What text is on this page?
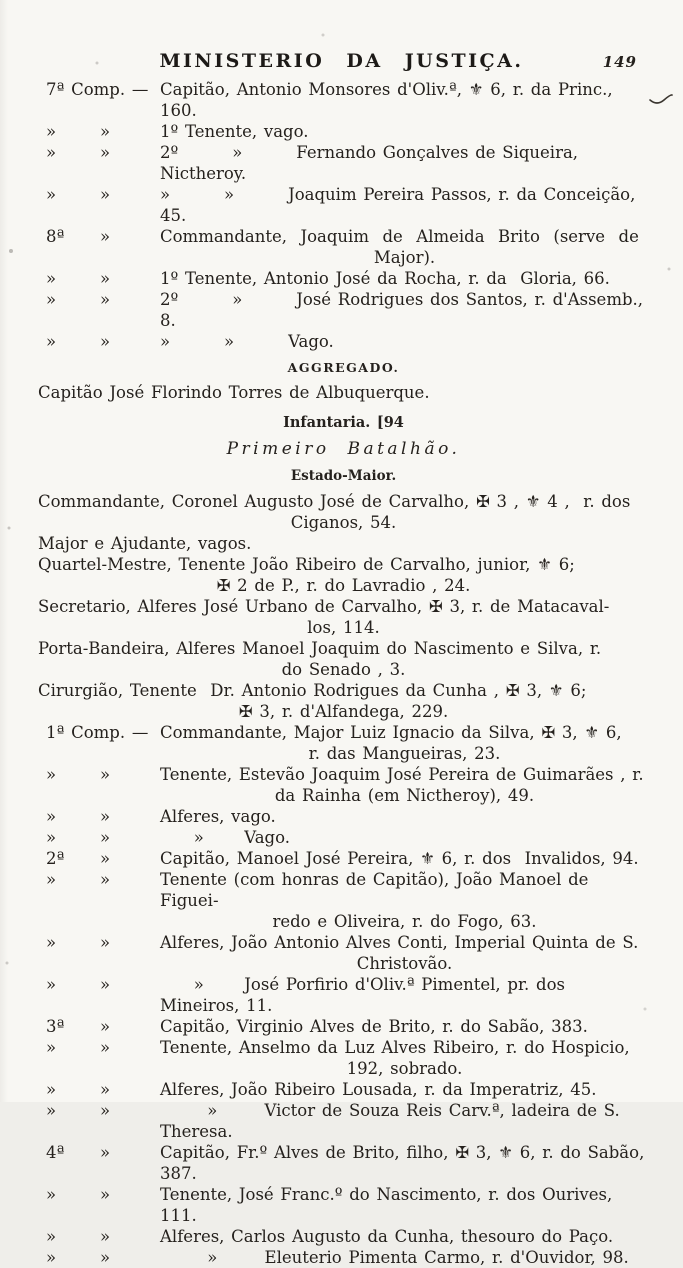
MINISTERIO DA JUSTIÇA.	149
7ª Comp. — Capitão, Antonio Monsores d'Oliv.ª, ⚜ 6, r. da Princ., 160.
»	»	1º Tenente, vago.
»	»	2º        »        Fernando Gonçalves de Siqueira, Nictheroy.
»	»	»        »        Joaquim Pereira Passos, r. da Conceição, 45.
8ª	»	Commandante,  Joaquim  de  Almeida  Brito  (serve  de
Major).
»	»	1º Tenente, Antonio José da Rocha, r. da  Gloria, 66.
»	»	2º        »        José Rodrigues dos Santos, r. d'Assemb., 8.
»	»	»        »        Vago.
AGGREGADO.
Capitão José Florindo Torres de Albuquerque.
Infantaria. [94
Primeiro Batalhão.
Estado-Maior.
Commandante, Coronel Augusto José de Carvalho, ✠ 3 , ⚜ 4 ,  r. dos
Ciganos, 54.
Major e Ajudante, vagos.
Quartel-Mestre, Tenente João Ribeiro de Carvalho, junior, ⚜ 6;
✠ 2 de P., r. do Lavradio , 24.
Secretario, Alferes José Urbano de Carvalho, ✠ 3, r. de Matacaval-
los, 114.
Porta-Bandeira, Alferes Manoel Joaquim do Nascimento e Silva, r.
do Senado , 3.
Cirurgião, Tenente  Dr. Antonio Rodrigues da Cunha , ✠ 3, ⚜ 6;
✠ 3, r. d'Alfandega, 229.
1ª Comp. — Commandante, Major Luiz Ignacio da Silva, ✠ 3, ⚜ 6,
r. das Mangueiras, 23.
»	»	Tenente, Estevão Joaquim José Pereira de Guimarães , r.
da Rainha (em Nictheroy), 49.
»	»	Alferes, vago.
»	»	»      Vago.
2ª	»	Capitão, Manoel José Pereira, ⚜ 6, r. dos  Invalidos, 94.
»	»	Tenente (com honras de Capitão), João Manoel de Figuei-
redo e Oliveira, r. do Fogo, 63.
»	»	Alferes, João Antonio Alves Conti, Imperial Quinta de S.
Christovão.
»	»	»      José Porfirio d'Oliv.ª Pimentel, pr. dos Mineiros, 11.
3ª	»	Capitão, Virginio Alves de Brito, r. do Sabão, 383.
»	»	Tenente, Anselmo da Luz Alves Ribeiro, r. do Hospicio,
192, sobrado.
»	»	Alferes, João Ribeiro Lousada, r. da Imperatriz, 45.
»	»	»       Victor de Souza Reis Carv.ª, ladeira de S. Theresa.
4ª	»	Capitão, Fr.º Alves de Brito, filho, ✠ 3, ⚜ 6, r. do Sabão, 387.
»	»	Tenente, José Franc.º do Nascimento, r. dos Ourives, 111.
»	»	Alferes, Carlos Augusto da Cunha, thesouro do Paço.
»	»	»       Eleuterio Pimenta Carmo, r. d'Ouvidor, 98.
